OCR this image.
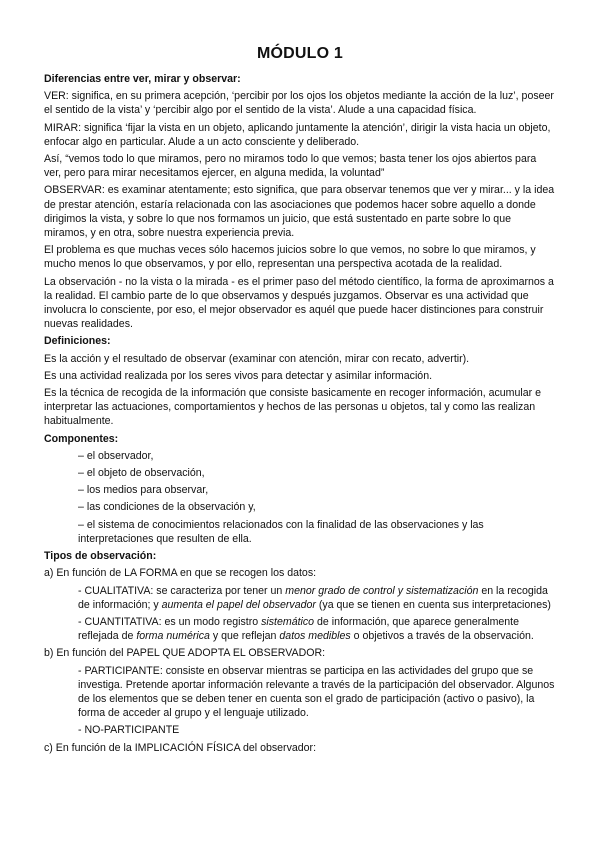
MÓDULO 1
Diferencias entre ver, mirar y observar:

VER: significa, en su primera acepción, ‘percibir por los ojos los objetos mediante la acción de la luz’, poseer el sentido de la vista’ y ‘percibir algo por el sentido de la vista’. Alude a una capacidad física.

MIRAR: significa ‘fijar la vista en un objeto, aplicando juntamente la atención’, dirigir la vista hacia un objeto, enfocar algo en particular. Alude a un acto consciente y deliberado.

Así, “vemos todo lo que miramos, pero no miramos todo lo que vemos; basta tener los ojos abiertos para ver, pero para mirar necesitamos ejercer, en alguna medida, la voluntad”

OBSERVAR: es examinar atentamente; esto significa, que para observar tenemos que ver y mirar... y la idea de prestar atención, estaría relacionada con las asociaciones que podemos hacer sobre aquello a donde dirigimos la vista, y sobre lo que nos formamos un juicio, que está sustentado en parte sobre lo que miramos, y en otra, sobre nuestra experiencia previa.

El problema es que muchas veces sólo hacemos juicios sobre lo que vemos, no sobre lo que miramos, y mucho menos lo que observamos, y por ello, representan una perspectiva acotada de la realidad.

La observación - no la vista o la mirada - es el primer paso del método científico, la forma de aproximarnos a la realidad. El cambio parte de lo que observamos y después juzgamos. Observar es una actividad que involucra lo consciente, por eso, el mejor observador es aquél que puede hacer distinciones para construir nuevas realidades.

Definiciones:

Es la acción y el resultado de observar (examinar con atención, mirar con recato, advertir).

Es una actividad realizada por los seres vivos para detectar y asimilar información.

Es la técnica de recogida de la información que consiste basicamente en recoger información, acumular e interpretar las actuaciones, comportamientos y hechos de las personas u objetos, tal y como las realizan habitualmente.

Componentes:
– el observador,
– el objeto de observación,
– los medios para observar,
– las condiciones de la observación y,
– el sistema de conocimientos relacionados con la finalidad de las observaciones y las interpretaciones que resulten de ella.
Tipos de observación:

a) En función de LA FORMA en que se recogen los datos:

- CUALITATIVA: se caracteriza por tener un menor grado de control y sistematización en la recogida de información; y aumenta el papel del observador (ya que se tienen en cuenta sus interpretaciones)

- CUANTITATIVA: es un modo registro sistemático de información, que aparece generalmente reflejada de forma numérica y que reflejan datos medibles o objetivos a través de la observación.

b) En función del PAPEL QUE ADOPTA EL OBSERVADOR:

- PARTICIPANTE: consiste en observar mientras se participa en las actividades del grupo que se investiga. Pretende aportar información relevante a través de la participación del observador. Algunos de los elementos que se deben tener en cuenta son el grado de participación (activo o pasivo), la forma de acceder al grupo y el lenguaje utilizado.

- NO-PARTICIPANTE

c) En función de la IMPLICACIÓN FÍSICA del observador:
